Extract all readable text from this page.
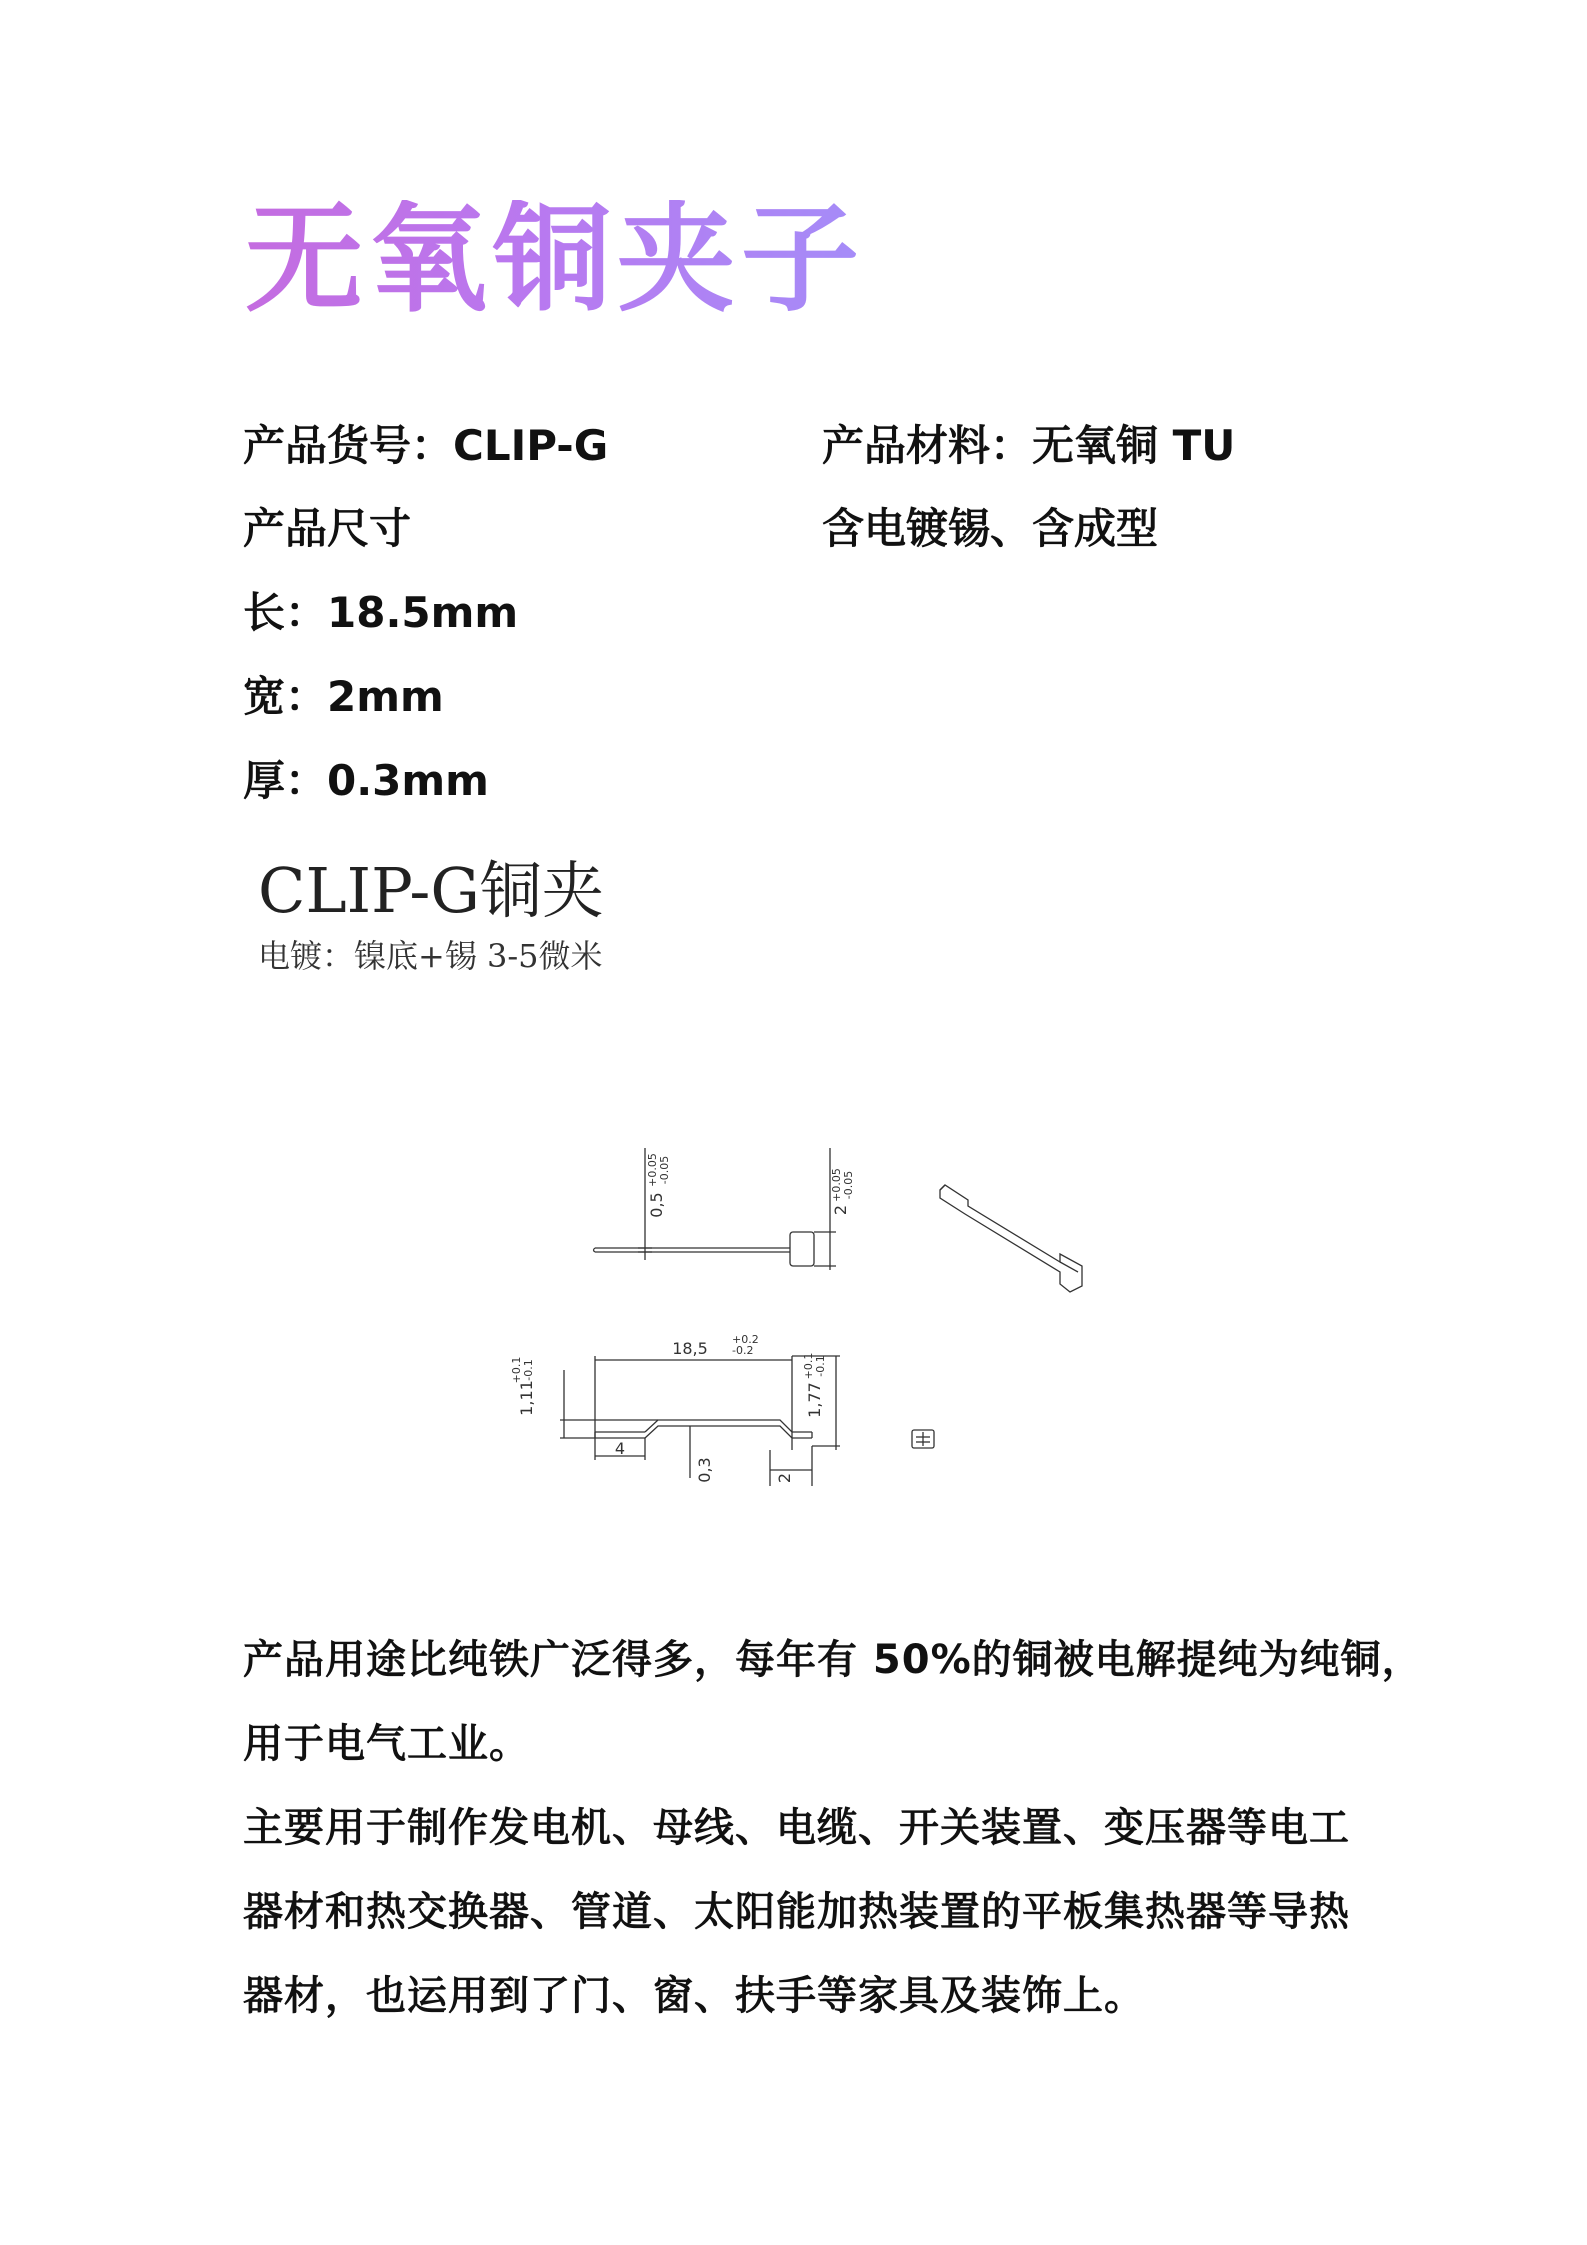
无氧铜夹子
产品货号：CLIP-G	产品材料：无氧铜 TU
产品尺寸	含电镀锡、含成型
长：18.5mm
宽：2mm
厚：0.3mm
CLIP-G铜夹
电镀：镍底+锡 3-5微米
0,5
+0.05 -0.05
2
+0.05 -0.05
18,5 +0.2
-0.2
1,11
+0.1 -0.1
1,77
+0.1 -0.1
4
0,3	2
产品用途比纯铁广泛得多，每年有 50%的铜被电解提纯为纯铜，
用于电气工业。
主要用于制作发电机、母线、电缆、开关装置、变压器等电工
器材和热交换器、管道、太阳能加热装置的平板集热器等导热
器材，也运用到了门、窗、扶手等家具及装饰上。
